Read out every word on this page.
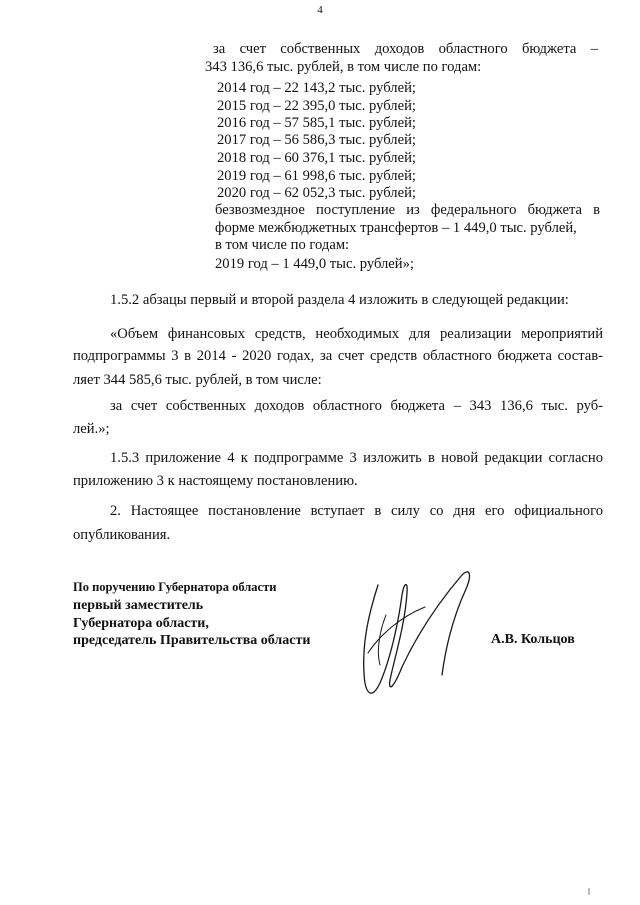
4
за счет собственных доходов областного бюджета –
343 136,6 тыс. рублей, в том числе по годам:
2014 год – 22 143,2 тыс. рублей;
2015 год – 22 395,0 тыс. рублей;
2016 год – 57 585,1 тыс. рублей;
2017 год – 56 586,3 тыс. рублей;
2018 год – 60 376,1 тыс. рублей;
2019 год – 61 998,6 тыс. рублей;
2020 год – 62 052,3 тыс. рублей;
безвозмездное поступление из федерального бюджета в
форме межбюджетных трансфертов – 1 449,0 тыс. рублей,
в том числе по годам:
2019 год – 1 449,0 тыс. рублей»;
1.5.2 абзацы первый и второй раздела 4 изложить в следующей редакции:
«Объем финансовых средств, необходимых для реализации мероприятий
подпрограммы 3 в 2014 - 2020 годах, за счет средств областного бюджета состав-
ляет 344 585,6 тыс. рублей, в том числе:
за счет собственных доходов областного бюджета – 343 136,6 тыс. руб-
лей.»;
1.5.3 приложение 4 к подпрограмме 3 изложить в новой редакции согласно
приложению 3 к настоящему постановлению.
2. Настоящее постановление вступает в силу со дня его официального
опубликования.
По поручению Губернатора области
первый заместитель
Губернатора области,
председатель Правительства области	А.В. Кольцов
